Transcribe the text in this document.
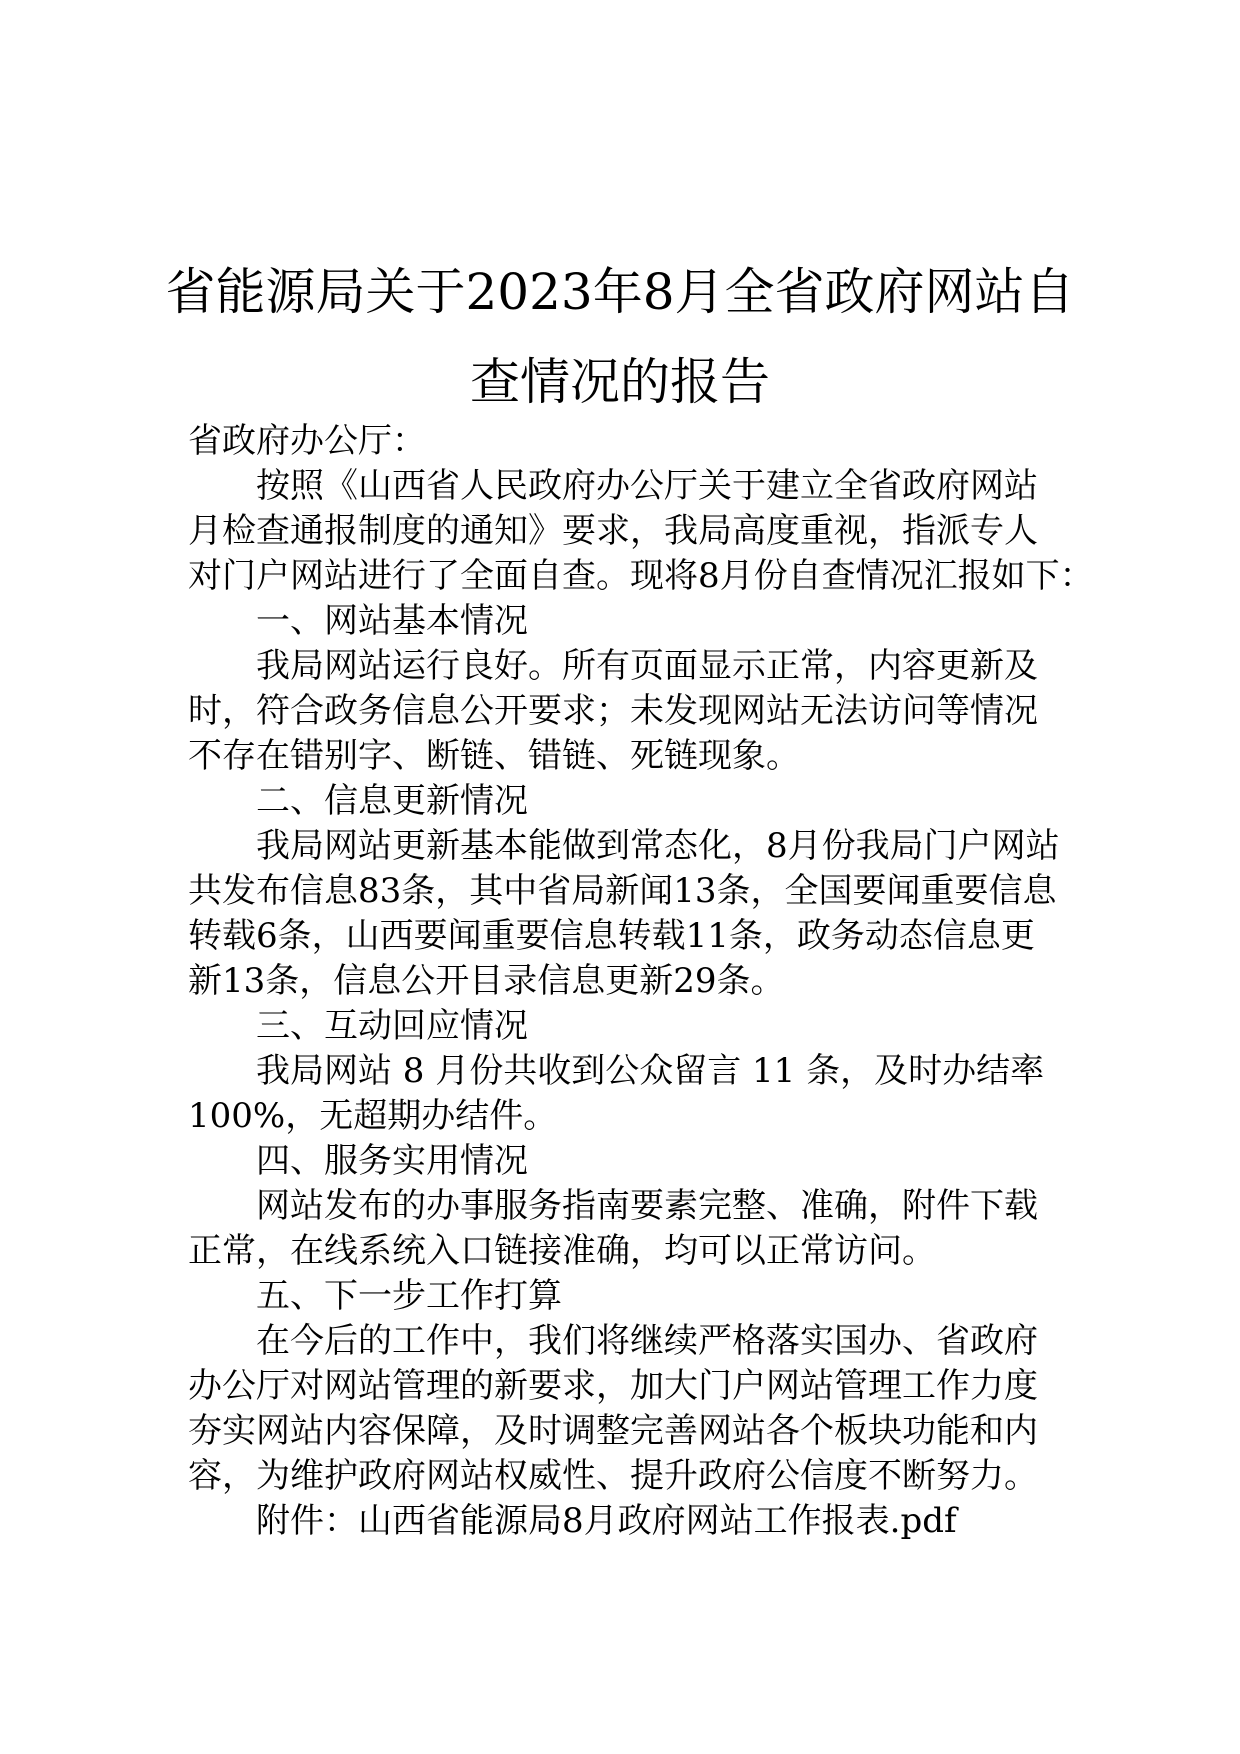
省能源局关于2023年8月全省政府网站自
查情况的报告
省政府办公厅：
按照《山西省人民政府办公厅关于建立全省政府网站
月检查通报制度的通知》要求，我局高度重视，指派专人
对门户网站进行了全面自查。现将8月份自查情况汇报如下：
一、网站基本情况
我局网站运行良好。所有页面显示正常，内容更新及
时，符合政务信息公开要求；未发现网站无法访问等情况
不存在错别字、断链、错链、死链现象。
二、信息更新情况
我局网站更新基本能做到常态化，8月份我局门户网站
共发布信息83条，其中省局新闻13条，全国要闻重要信息
转载6条，山西要闻重要信息转载11条，政务动态信息更
新13条，信息公开目录信息更新29条。
三、互动回应情况
我局网站 8 月份共收到公众留言 11 条，及时办结率
100%，无超期办结件。
四、服务实用情况
网站发布的办事服务指南要素完整、准确，附件下载
正常，在线系统入口链接准确，均可以正常访问。
五、下一步工作打算
在今后的工作中，我们将继续严格落实国办、省政府
办公厅对网站管理的新要求，加大门户网站管理工作力度
夯实网站内容保障，及时调整完善网站各个板块功能和内
容，为维护政府网站权威性、提升政府公信度不断努力。
附件：山西省能源局8月政府网站工作报表.pdf
